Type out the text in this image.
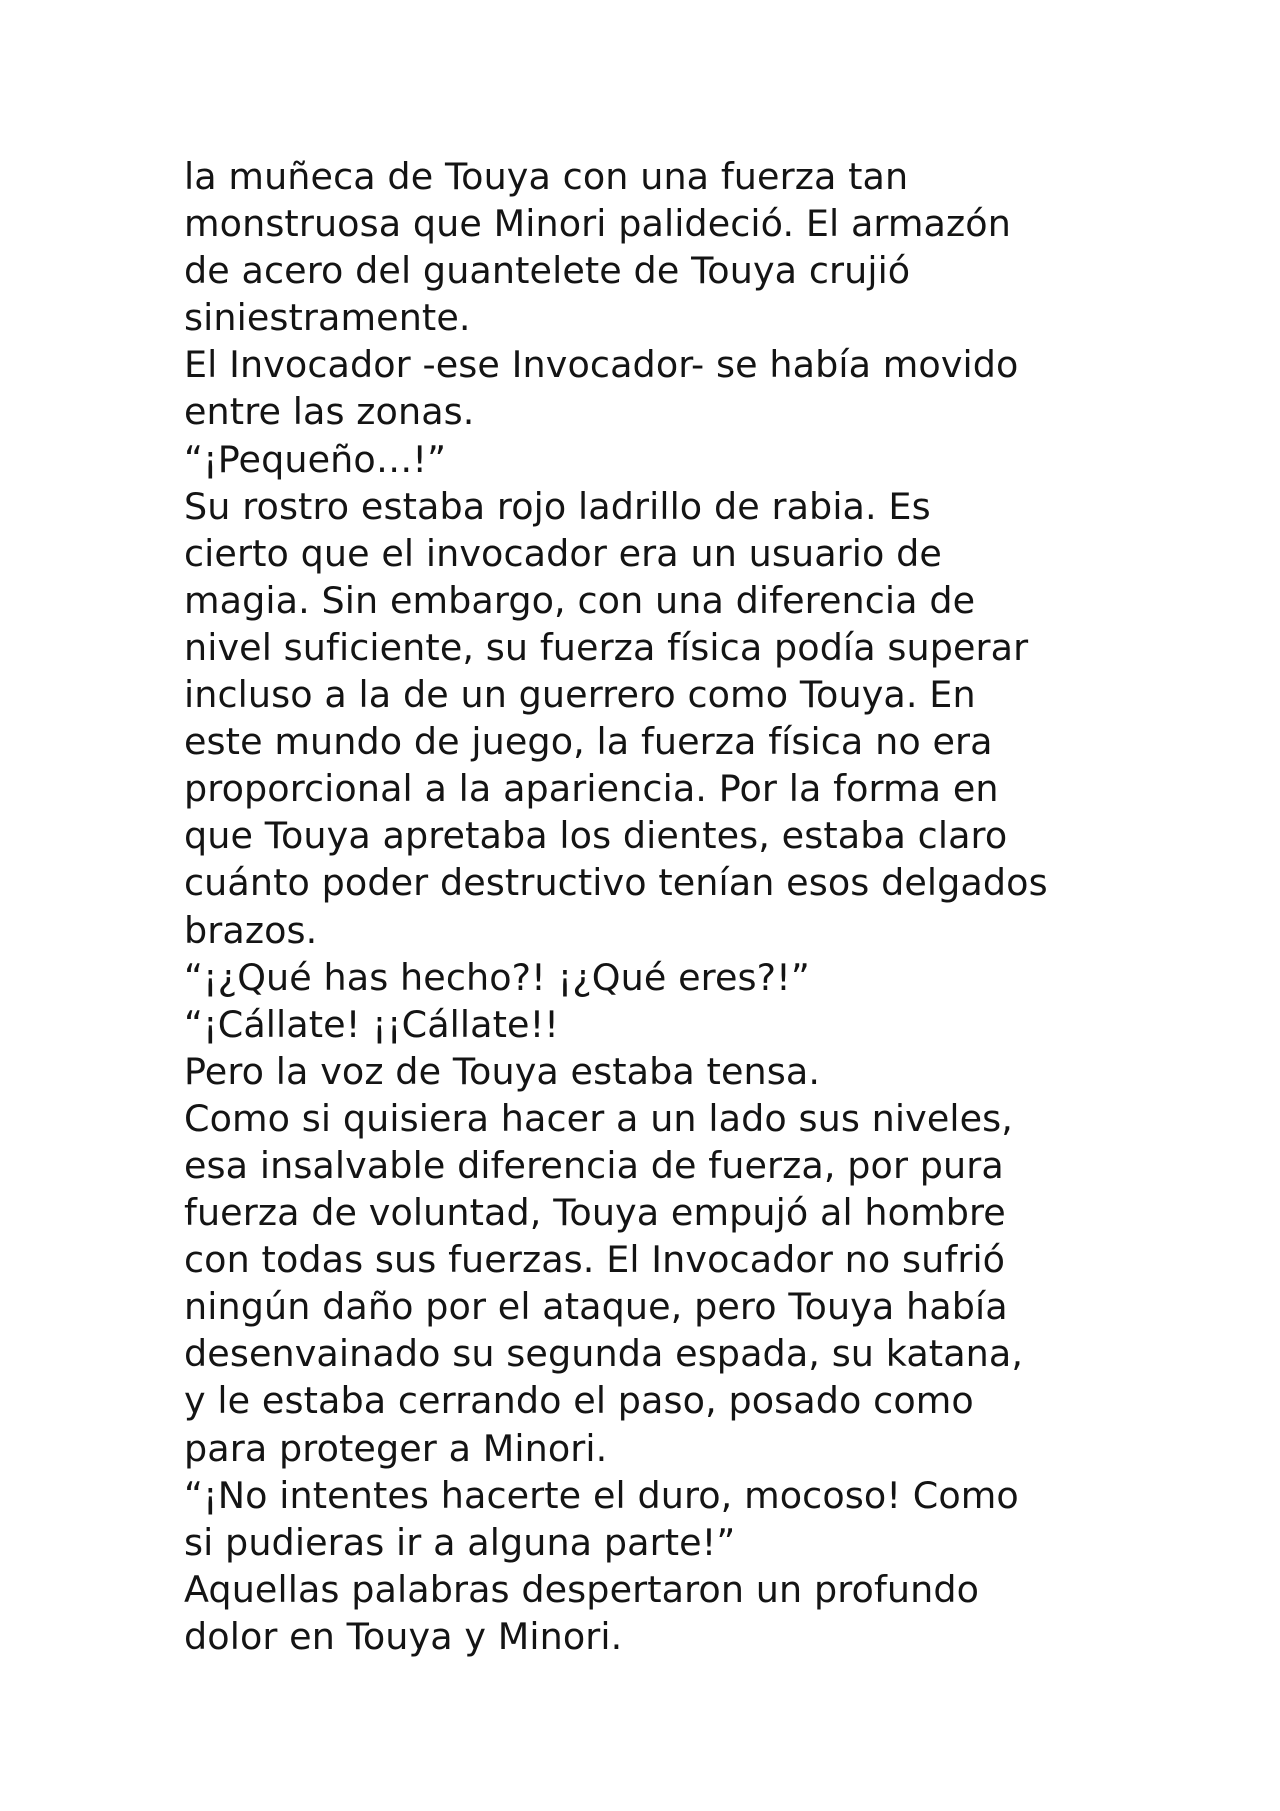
la muñeca de Touya con una fuerza tan
monstruosa que Minori palideció. El armazón
de acero del guantelete de Touya crujió
siniestramente.
El Invocador -ese Invocador- se había movido
entre las zonas.
“¡Pequeño…!”
Su rostro estaba rojo ladrillo de rabia. Es
cierto que el invocador era un usuario de
magia. Sin embargo, con una diferencia de
nivel suficiente, su fuerza física podía superar
incluso a la de un guerrero como Touya. En
este mundo de juego, la fuerza física no era
proporcional a la apariencia. Por la forma en
que Touya apretaba los dientes, estaba claro
cuánto poder destructivo tenían esos delgados
brazos.
“¡¿Qué has hecho?! ¡¿Qué eres?!”
“¡Cállate! ¡¡Cállate!!
Pero la voz de Touya estaba tensa.
Como si quisiera hacer a un lado sus niveles,
esa insalvable diferencia de fuerza, por pura
fuerza de voluntad, Touya empujó al hombre
con todas sus fuerzas. El Invocador no sufrió
ningún daño por el ataque, pero Touya había
desenvainado su segunda espada, su katana,
y le estaba cerrando el paso, posado como
para proteger a Minori.
“¡No intentes hacerte el duro, mocoso! Como
si pudieras ir a alguna parte!”
Aquellas palabras despertaron un profundo
dolor en Touya y Minori.
